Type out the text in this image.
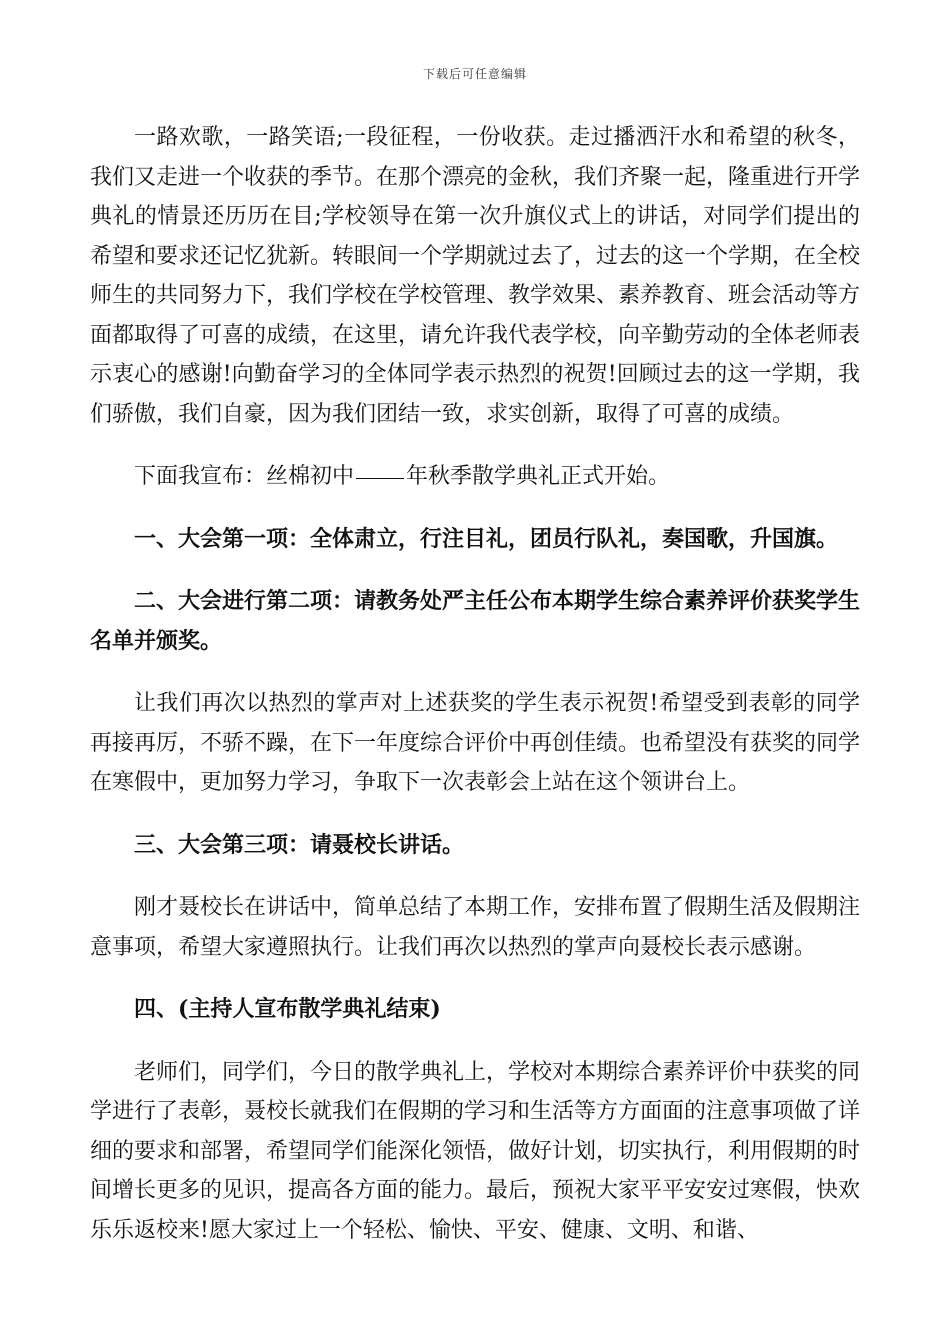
下载后可任意编辑

一路欢歌，一路笑语;一段征程，一份收获。走过播洒汗水和希望的秋冬，我们又走进一个收获的季节。在那个漂亮的金秋，我们齐聚一起，隆重进行开学典礼的情景还历历在目;学校领导在第一次升旗仪式上的讲话，对同学们提出的希望和要求还记忆犹新。转眼间一个学期就过去了，过去的这一个学期，在全校师生的共同努力下，我们学校在学校管理、教学效果、素养教育、班会活动等方面都取得了可喜的成绩，在这里，请允许我代表学校，向辛勤劳动的全体老师表示衷心的感谢!向勤奋学习的全体同学表示热烈的祝贺!回顾过去的这一学期，我们骄傲，我们自豪，因为我们团结一致，求实创新，取得了可喜的成绩。

下面我宣布：丝棉初中 年秋季散学典礼正式开始。

一、大会第一项：全体肃立，行注目礼，团员行队礼，奏国歌，升国旗。

二、大会进行第二项：请教务处严主任公布本期学生综合素养评价获奖学生名单并颁奖。

让我们再次以热烈的掌声对上述获奖的学生表示祝贺!希望受到表彰的同学再接再厉，不骄不躁，在下一年度综合评价中再创佳绩。也希望没有获奖的同学在寒假中，更加努力学习，争取下一次表彰会上站在这个领讲台上。

三、大会第三项：请聂校长讲话。

刚才聂校长在讲话中，简单总结了本期工作，安排布置了假期生活及假期注意事项，希望大家遵照执行。让我们再次以热烈的掌声向聂校长表示感谢。

四、(主持人宣布散学典礼结束)

老师们，同学们，今日的散学典礼上，学校对本期综合素养评价中获奖的同学进行了表彰，聂校长就我们在假期的学习和生活等方方面面的注意事项做了详细的要求和部署，希望同学们能深化领悟，做好计划，切实执行，利用假期的时间增长更多的见识，提高各方面的能力。最后，预祝大家平平安安过寒假，快欢乐乐返校来!愿大家过上一个轻松、愉快、平安、健康、文明、和谐、
